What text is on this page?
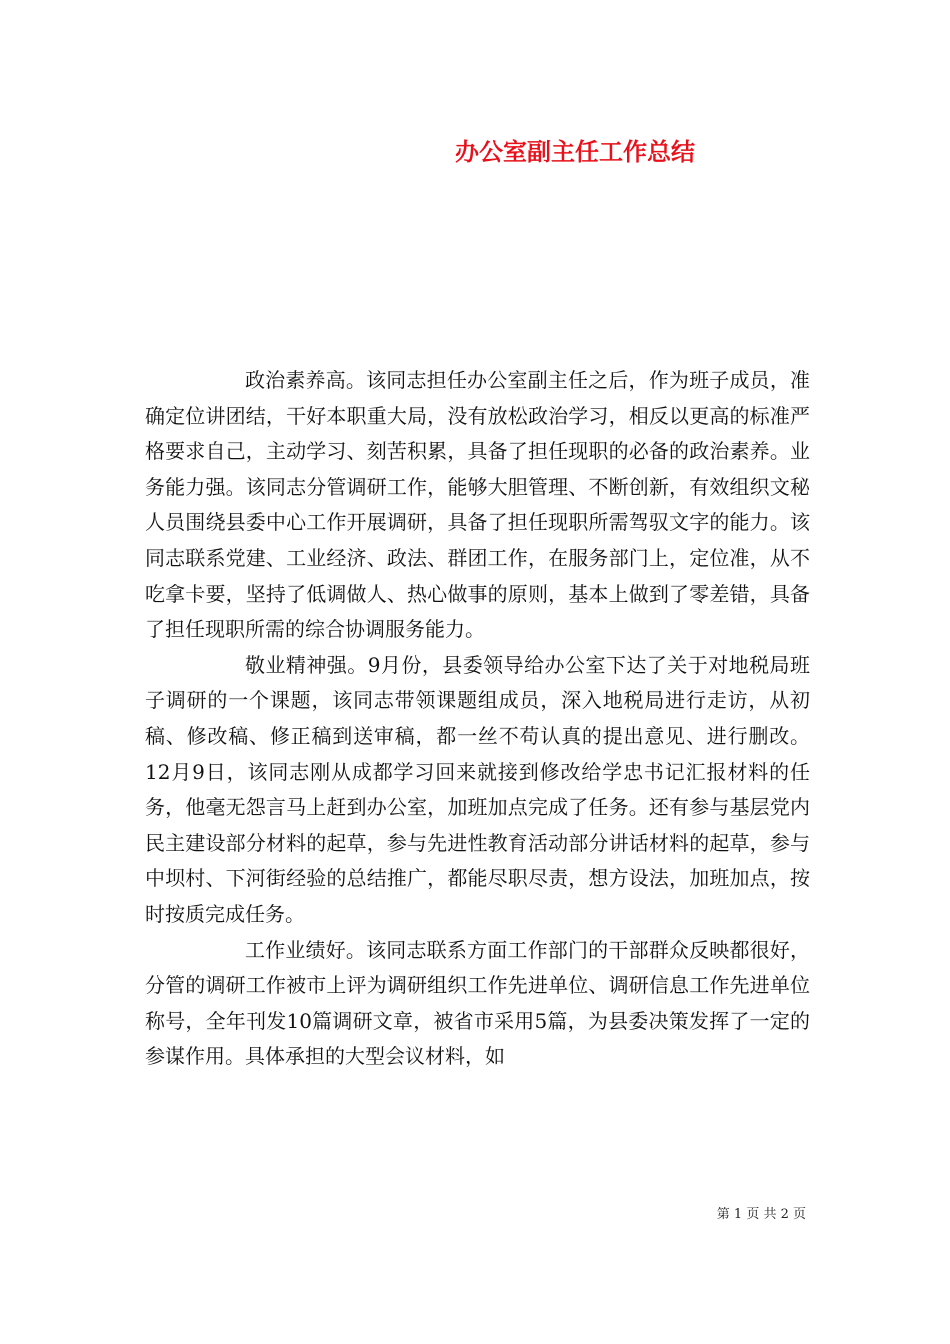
办公室副主任工作总结

政治素养高。该同志担任办公室副主任之后，作为班子成员，准确定位讲团结，干好本职重大局，没有放松政治学习，相反以更高的标准严格要求自己，主动学习、刻苦积累，具备了担任现职的必备的政治素养。业务能力强。该同志分管调研工作，能够大胆管理、不断创新，有效组织文秘人员围绕县委中心工作开展调研，具备了担任现职所需驾驭文字的能力。该同志联系党建、工业经济、政法、群团工作，在服务部门上，定位准，从不吃拿卡要，坚持了低调做人、热心做事的原则，基本上做到了零差错，具备了担任现职所需的综合协调服务能力。

敬业精神强。9月份，县委领导给办公室下达了关于对地税局班子调研的一个课题，该同志带领课题组成员，深入地税局进行走访，从初稿、修改稿、修正稿到送审稿，都一丝不苟认真的提出意见、进行删改。12月9日，该同志刚从成都学习回来就接到修改给学忠书记汇报材料的任务，他毫无怨言马上赶到办公室，加班加点完成了任务。还有参与基层党内民主建设部分材料的起草，参与先进性教育活动部分讲话材料的起草，参与中坝村、下河街经验的总结推广，都能尽职尽责，想方设法，加班加点，按时按质完成任务。

工作业绩好。该同志联系方面工作部门的干部群众反映都很好，分管的调研工作被市上评为调研组织工作先进单位、调研信息工作先进单位称号，全年刊发10篇调研文章，被省市采用5篇，为县委决策发挥了一定的参谋作用。具体承担的大型会议材料，如

第 1 页 共 2 页
